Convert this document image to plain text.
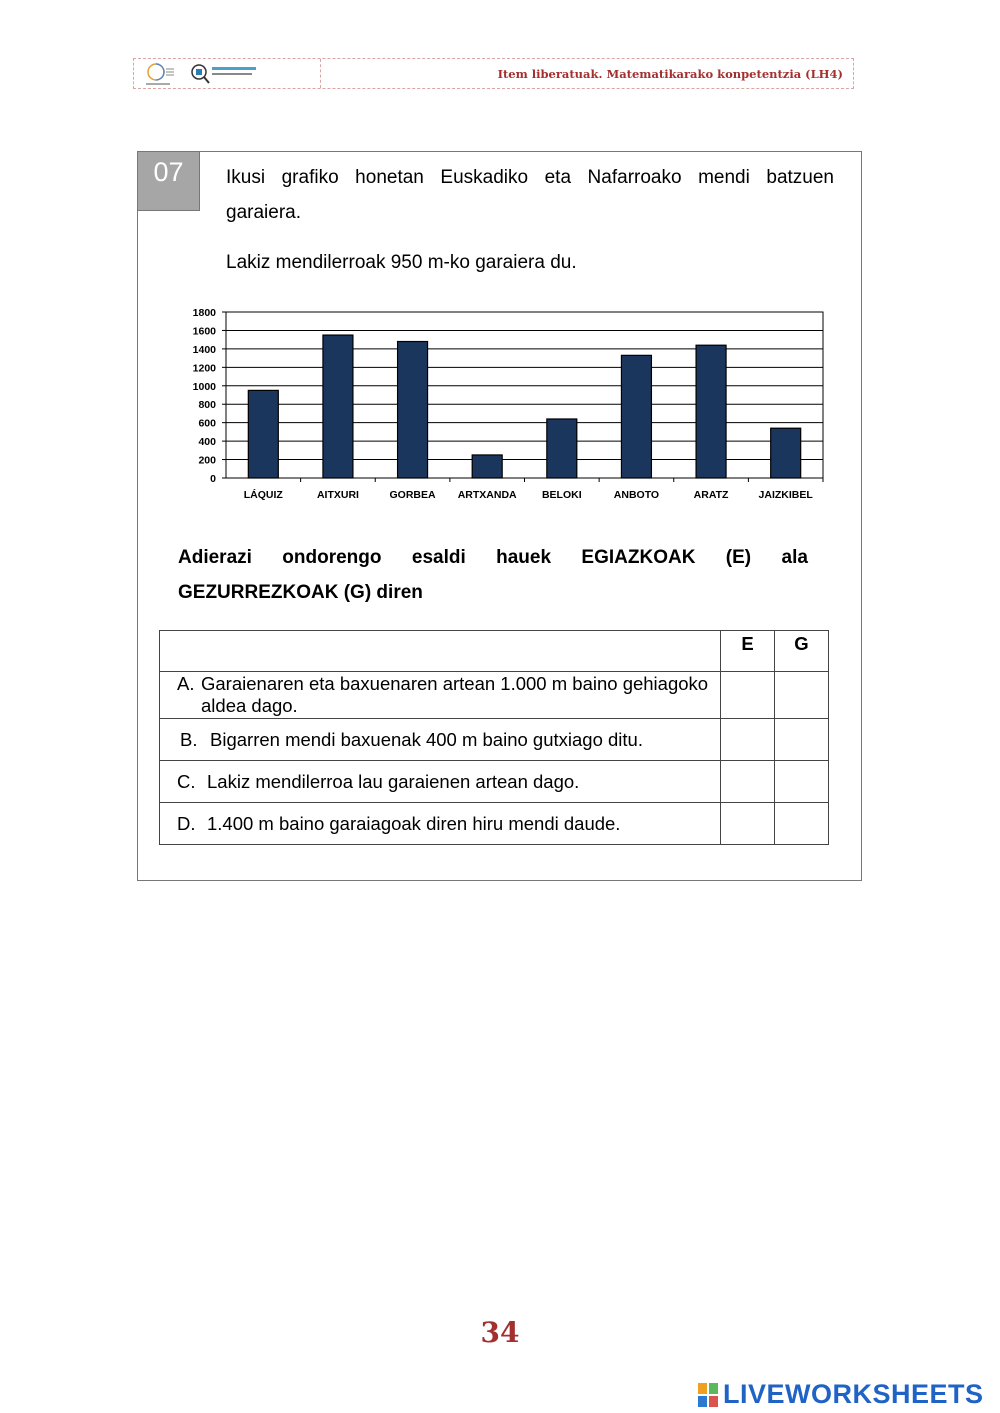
Item liberatuak. Matematikarako konpetentzia (LH4)
07	Ikusi grafiko honetan Euskadiko eta Nafarroako mendi batzuen garaiera.
Lakiz mendilerroak 950 m-ko garaiera du.
0
200
400
600
800
1000
1200
1400
1600
1800
LÁQUIZ	AITXURI	GORBEA ARTXANDA BELOKI	ANBOTO	ARATZ	JAIZKIBEL
Adierazi ondorengo esaldi hauek EGIAZKOAK (E) ala
GEZURREZKOAK (G) diren
	E	G

A. Garaienaren eta baxuenaren artean 1.000 m baino gehiagoko aldea dago.		

B. Bigarren mendi baxuenak 400 m baino gutxiago ditu.		

C. Lakiz mendilerroa lau garaienen artean dago.		

D. 1.400 m baino garaiagoak diren hiru mendi daude.		

34
LIVEWORKSHEETS
